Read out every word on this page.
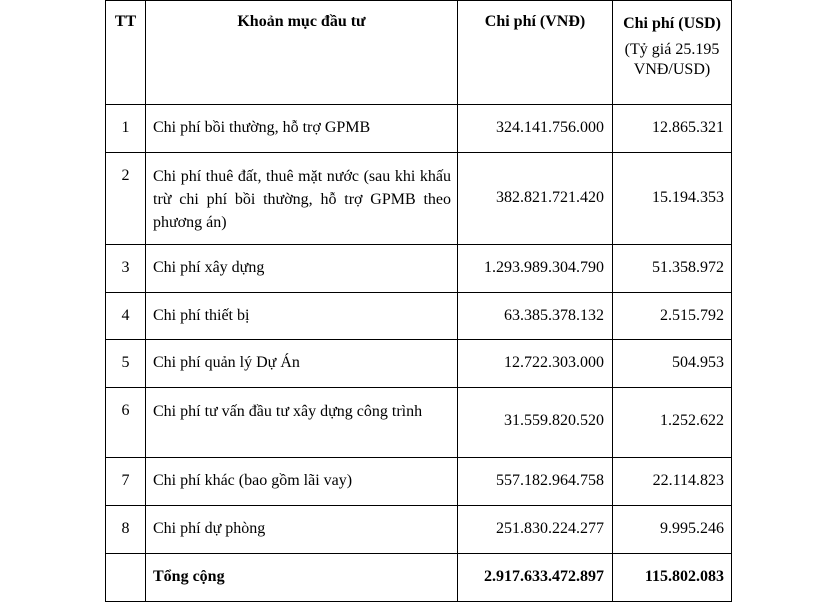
TT	Khoản mục đầu tư	Chi phí (VNĐ)	Chi phí (USD)
(Tỷ giá 25.195
VNĐ/USD)

1	Chi phí bồi thường, hỗ trợ GPMB	324.141.756.000	12.865.321
2	Chi phí thuê đất, thuê mặt nước (sau khi khấu trừ chi phí bồi thường, hỗ trợ GPMB theo phương án)	382.821.721.420	15.194.353
3	Chi phí xây dựng	1.293.989.304.790	51.358.972
4	Chi phí thiết bị	63.385.378.132	2.515.792
5	Chi phí quản lý Dự Án	12.722.303.000	504.953
6	Chi phí tư vấn đầu tư xây dựng công trình	31.559.820.520	1.252.622
7	Chi phí khác (bao gồm lãi vay)	557.182.964.758	22.114.823
8	Chi phí dự phòng	251.830.224.277	9.995.246
	Tổng cộng	2.917.633.472.897	115.802.083
